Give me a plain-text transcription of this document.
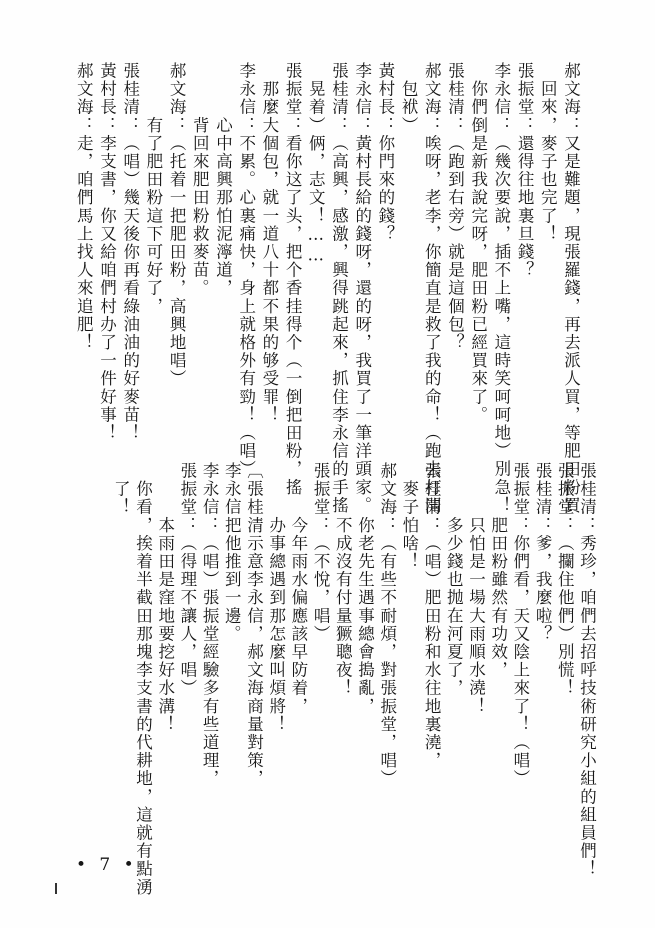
郝文海：又是難題，現張羅錢，再去派人買，等肥田粉買
　回來，麥子也完了！
張振堂：還得往地裏旦錢？
李永信：（幾次要說，插不上嘴，這時笑呵呵地）別急！
　你們倒是新我說完呀，肥田粉已經買來了。
張桂清：（跑到右旁）就是這個包？
郝文海：唉呀，老李，你簡直是救了我的命！（跑去打開
　包袱）
黃村長：你門來的錢？
李永信：黃村長給的錢呀，還的呀，我買了一筆洋頭家。
張桂清：（高興，感激，興得跳起來，抓住李永信的手搖
　晃着）俩，志文！……
張振堂：看你这了头，把个香挂得个（一倒把田粉，搖
　那麼大個包，就一道八十都不果的够受罪！
李永信：不累。心裏痛快，身上就格外有勁！（唱）
　　　心中高興那怕泥濘道，
　　　背回來肥田粉救麥苗。
郝文海：（托着一把肥田粉，高興地唱）
　　　有了肥田粉這下可好了，
張桂清：（唱）幾天後你再看綠油油的好麥苗！
黃村長：李支書，你又給咱們村办了一件好事！
郝文海：走，咱們馬上找人來追肥！
張桂清：秀珍，咱們去招呼技術研究小組的組員們！
張振堂：（攔住他們）別慌！
張桂清：爹，我麼啦？
張振堂：你們看，天又陰上來了！（唱）
　　　肥田粉雖然有功效，
　　　只怕是一場大雨順水澆！
　　　多少錢也抛在河夏了，
張桂清：（唱）肥田粉和水往地裏澆，
　麥子怕啥！
郝文海：（有些不耐煩，對張振堂，唱）
　　　你老先生遇事總會搗亂，
　　　不成沒有付量獗聰夜！
張振堂：（不悅，唱）
　　　今年雨水偏應該早防着，
　　　办事總遇到那怎麼叫煩將！
〔張桂清示意李永信，郝文海商量對策，
李永信把他推到一邊。
李永信：（唱）張振堂經驗多有些道理，
張振堂：（得理不讓人，唱）
　　　本雨田是窪地要挖好水溝！
　你看，挨着半截田那塊李支書的代耕地，這就有點湧
　了！
• 7 •
